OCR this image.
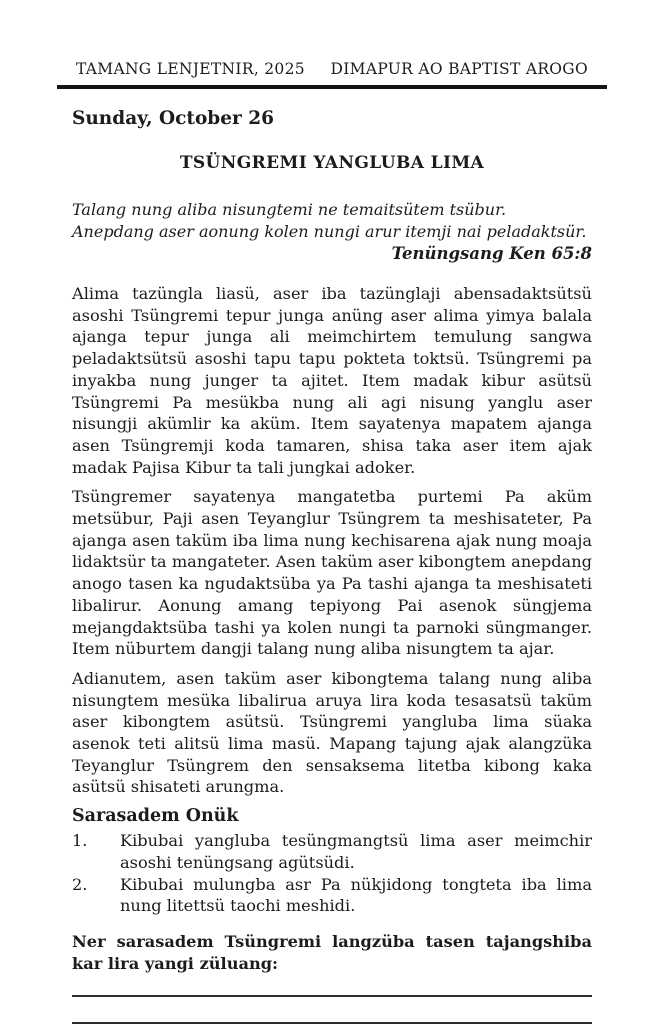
TAMANG LENJETNIR, 2025 DIMAPUR AO BAPTIST AROGO
Sunday, October 26
TSÜNGREMI YANGLUBA LIMA
Talang nung aliba nisungtemi ne temaitsütem tsübur. Anepdang aser aonung kolen nungi arur itemji nai peladaktsür.
Tenüngsang Ken 65:8

Alima tazüngla liasü, aser iba tazünglaji abensadaktsütsü asoshi Tsüngremi tepur junga anüng aser alima yimya balala ajanga tepur junga ali meimchirtem temulung sangwa peladaktsütsü asoshi tapu tapu pokteta toktsü. Tsüngremi pa inyakba nung junger ta ajitet. Item madak kibur asütsü Tsüngremi Pa mesükba nung ali agi nisung yanglu aser nisungji akümlir ka aküm. Item sayatenya mapatem ajanga asen Tsüngremji koda tamaren, shisa taka aser item ajak madak Pajisa Kibur ta tali jungkai adoker.

Tsüngremer sayatenya mangatetba purtemi Pa aküm metsübur, Paji asen Teyanglur Tsüngrem ta meshisateter, Pa ajanga asen taküm iba lima nung kechisarena ajak nung moaja lidaktsür ta mangateter. Asen taküm aser kibongtem anepdang anogo tasen ka ngudaktsüba ya Pa tashi ajanga ta meshisateti libalirur. Aonung amang tepiyong Pai asenok süngjema mejangdaktsüba tashi ya kolen nungi ta parnoki süngmanger. Item nüburtem dangji talang nung aliba nisungtem ta ajar.

Adianutem, asen taküm aser kibongtema talang nung aliba nisungtem mesüka libalirua aruya lira koda tesasatsü taküm aser kibongtem asütsü. Tsüngremi yangluba lima süaka asenok teti alitsü lima masü. Mapang tajung ajak alangzüka Teyanglur Tsüngrem den sensaksema litetba kibong kaka asütsü shisateti arungma.

Sarasadem Onük
1.	Kibubai yangluba tesüngmangtsü lima aser meimchir asoshi tenüngsang agütsüdi.
2.	Kibubai mulungba asr Pa nükjidong tongteta iba lima nung litettsü taochi meshidi.
Ner sarasadem Tsüngremi langzüba tasen tajangshiba kar lira yangi züluang:
